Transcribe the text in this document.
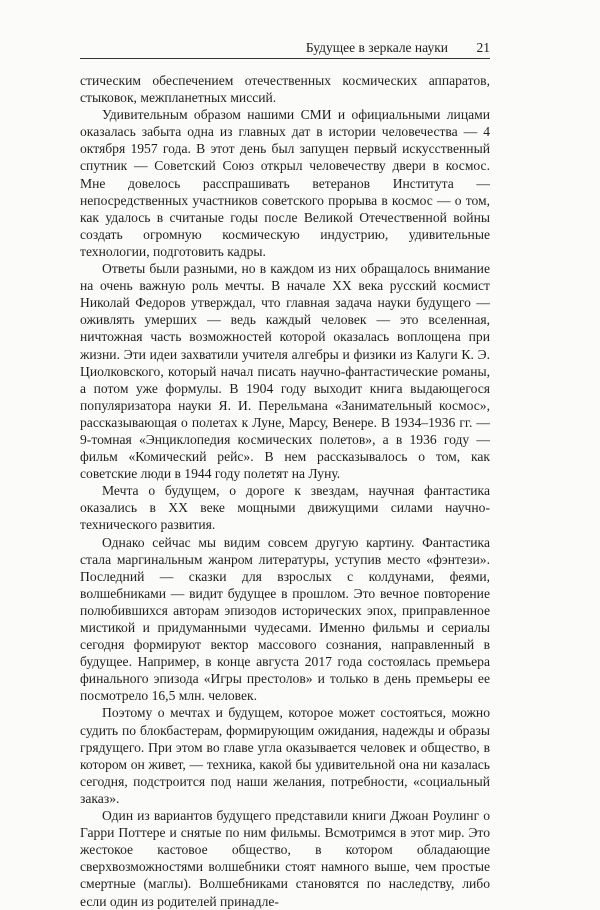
Будущее в зеркале науки 21

стическим обеспечением отечественных космических аппаратов, стыковок, межпланетных миссий.

Удивительным образом нашими СМИ и официальными лицами оказалась забыта одна из главных дат в истории человечества — 4 октября 1957 года. В этот день был запущен первый искусственный спутник — Советский Союз открыл человечеству двери в космос. Мне довелось расспрашивать ветеранов Института — непосредственных участников советского прорыва в космос — о том, как удалось в считаные годы после Великой Отечественной войны создать огромную космическую индустрию, удивительные технологии, подготовить кадры.

Ответы были разными, но в каждом из них обращалось внимание на очень важную роль мечты. В начале XX века русский космист Николай Федоров утверждал, что главная задача науки будущего — оживлять умерших — ведь каждый человек — это вселенная, ничтожная часть возможностей которой оказалась воплощена при жизни. Эти идеи захватили учителя алгебры и физики из Калуги К. Э. Циолковского, который начал писать научно-фантастические романы, а потом уже формулы. В 1904 году выходит книга выдающегося популяризатора науки Я. И. Перельмана «Занимательный космос», рассказывающая о полетах к Луне, Марсу, Венере. В 1934–1936 гг. — 9-томная «Энциклопедия космических полетов», а в 1936 году — фильм «Комический рейс». В нем рассказывалось о том, как советские люди в 1944 году полетят на Луну.

Мечта о будущем, о дороге к звездам, научная фантастика оказались в XX веке мощными движущими силами научно-технического развития.

Однако сейчас мы видим совсем другую картину. Фантастика стала маргинальным жанром литературы, уступив место «фэнтези». Последний — сказки для взрослых с колдунами, феями, волшебниками — видит будущее в прошлом. Это вечное повторение полюбившихся авторам эпизодов исторических эпох, приправленное мистикой и придуманными чудесами. Именно фильмы и сериалы сегодня формируют вектор массового сознания, направленный в будущее. Например, в конце августа 2017 года состоялась премьера финального эпизода «Игры престолов» и только в день премьеры ее посмотрело 16,5 млн. человек.

Поэтому о мечтах и будущем, которое может состояться, можно судить по блокбастерам, формирующим ожидания, надежды и образы грядущего. При этом во главе угла оказывается человек и общество, в котором он живет, — техника, какой бы удивительной она ни казалась сегодня, подстроится под наши желания, потребности, «социальный заказ».

Один из вариантов будущего представили книги Джоан Роулинг о Гарри Поттере и снятые по ним фильмы. Всмотримся в этот мир. Это жестокое кастовое общество, в котором обладающие сверхвозможностями волшебники стоят намного выше, чем простые смертные (маглы). Волшебниками становятся по наследству, либо если один из родителей принадле-
